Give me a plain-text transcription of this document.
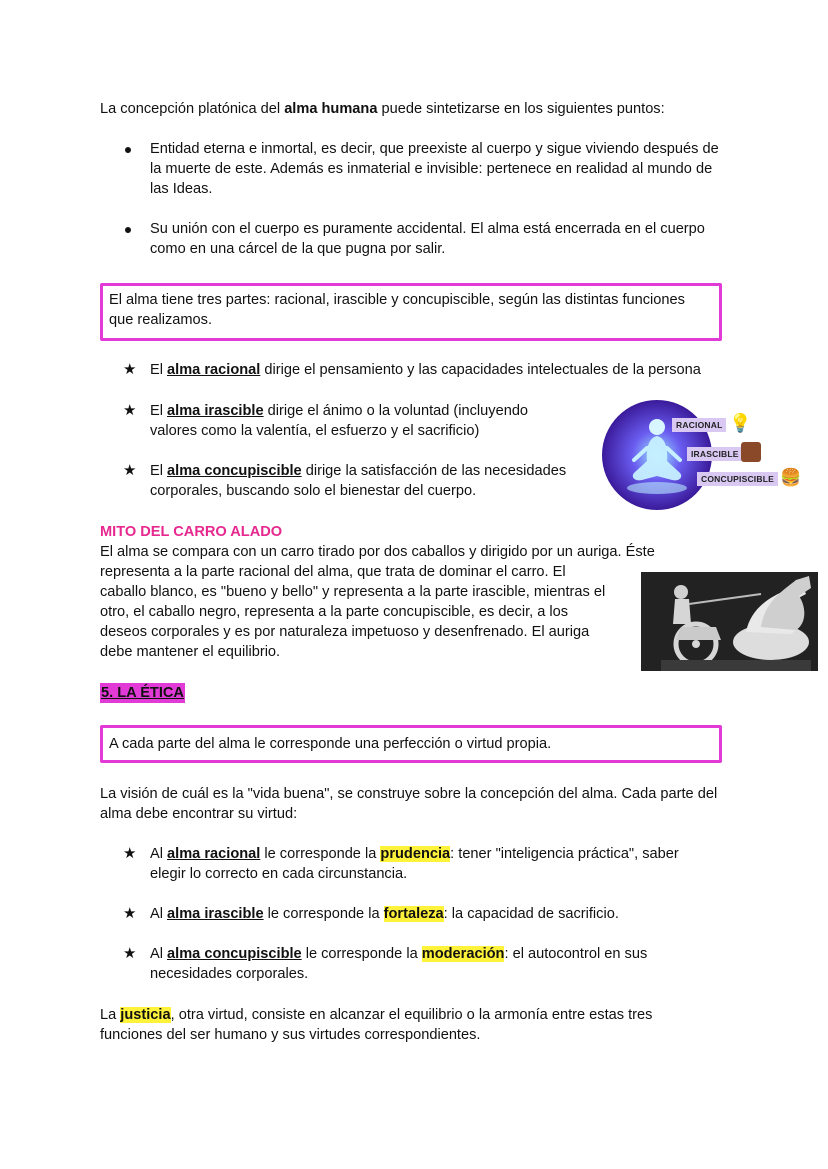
La concepción platónica del alma humana puede sintetizarse en los siguientes puntos:

Entidad eterna e inmortal, es decir, que preexiste al cuerpo y sigue viviendo después de la muerte de este. Además es inmaterial e invisible: pertenece en realidad al mundo de las Ideas.

Su unión con el cuerpo es puramente accidental. El alma está encerrada en el cuerpo como en una cárcel de la que pugna por salir.

El alma tiene tres partes: racional, irascible y concupiscible, según las distintas funciones que realizamos.

★ El alma racional dirige el pensamiento y las capacidades intelectuales de la persona

★ El alma irascible dirige el ánimo o la voluntad (incluyendo valores como la valentía, el esfuerzo y el sacrificio)

★ El alma concupiscible dirige la satisfacción de las necesidades corporales, buscando solo el bienestar del cuerpo.

RACIONAL 💡
IRASCIBLE
CONCUPISCIBLE 🍔

MITO DEL CARRO ALADO

El alma se compara con un carro tirado por dos caballos y dirigido por un auriga. Éste

representa a la parte racional del alma, que trata de dominar el carro. El

caballo blanco, es "bueno y bello" y representa a la parte irascible, mientras el

otro, el caballo negro, representa a la parte concupiscible, es decir, a los

deseos corporales y es por naturaleza impetuoso y desenfrenado. El auriga

debe mantener el equilibrio.

5. LA ÉTICA

A cada parte del alma le corresponde una perfección o virtud propia.

La visión de cuál es la "vida buena", se construye sobre la concepción del alma. Cada parte del alma debe encontrar su virtud:

★ Al alma racional le corresponde la prudencia: tener "inteligencia práctica", saber elegir lo correcto en cada circunstancia.

★ Al alma irascible le corresponde la fortaleza: la capacidad de sacrificio.

★ Al alma concupiscible le corresponde la moderación: el autocontrol en sus necesidades corporales.

La justicia, otra virtud, consiste en alcanzar el equilibrio o la armonía entre estas tres funciones del ser humano y sus virtudes correspondientes.
